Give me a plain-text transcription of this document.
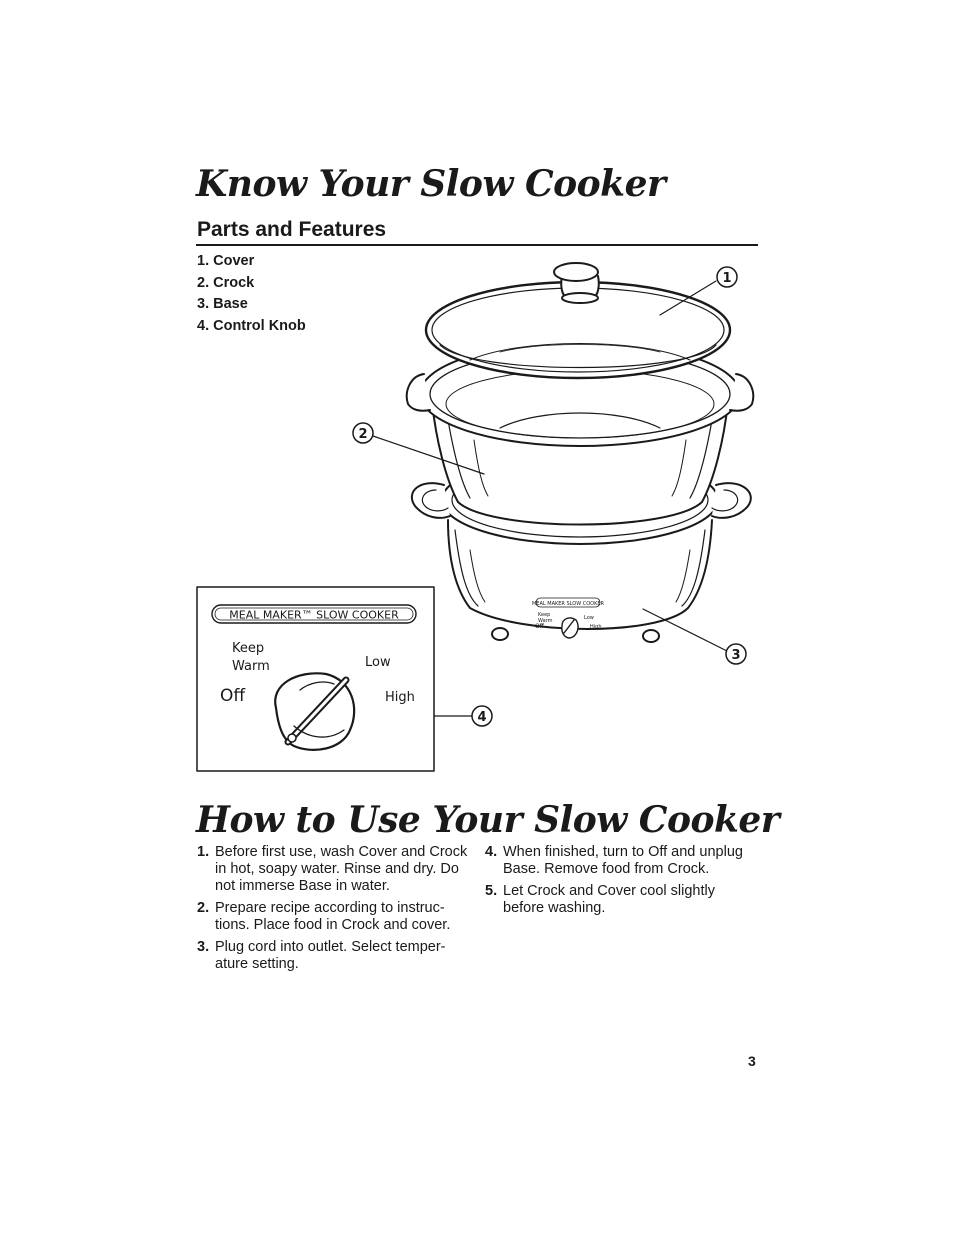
Know Your Slow Cooker
Parts and Features
1. Cover
2. Crock
3. Base
4. Control Knob
MEAL MAKER SLOW COOKER
Keep
Warm	Low
Off	High
1
2
3
4
MEAL MAKER™ SLOW COOKER
Keep
Warm	Low
Off	High
How to Use Your Slow Cooker
1. Before first use, wash Cover and Crock in hot, soapy water. Rinse and dry. Do not immerse Base in water.
2. Prepare recipe according to instruc-tions. Place food in Crock and cover.
3. Plug cord into outlet. Select temper-ature setting.
4. When finished, turn to Off and unplug Base. Remove food from Crock.
5. Let Crock and Cover cool slightly before washing.
3
